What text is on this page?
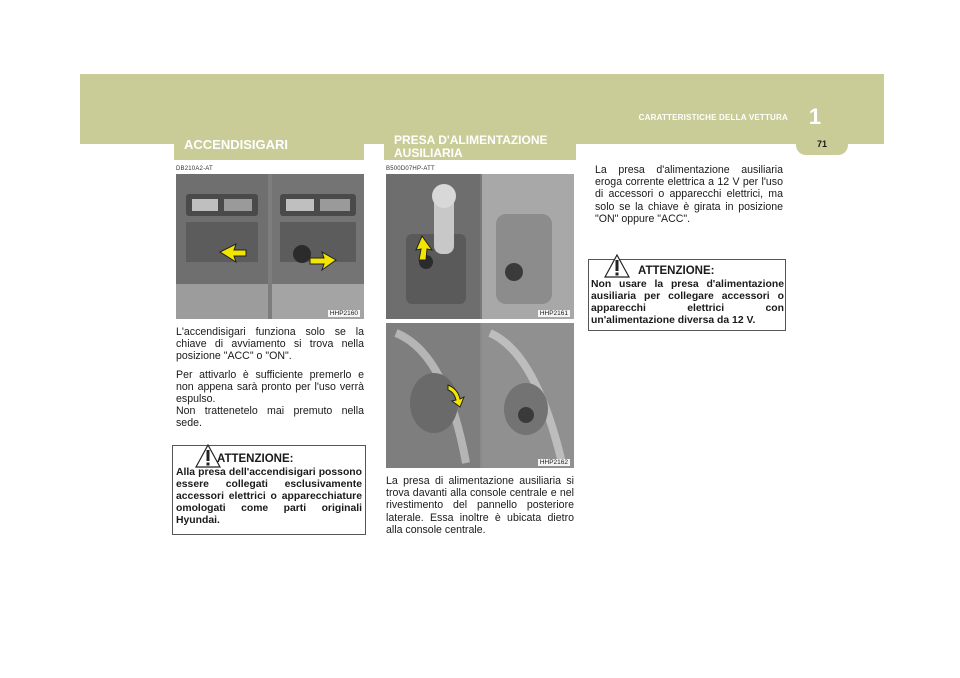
1
CARATTERISTICHE DELLA VETTURA
71
ACCENDISIGARI
DB210A2-AT
HHP2160

L'accendisigari funziona solo se la chiave di avviamento si trova nella posizione "ACC" o "ON".

Per attivarlo è sufficiente premerlo e non appena sarà pronto per l'uso verrà espulso.

Non trattenetelo mai premuto nella sede.

ATTENZIONE:
Alla presa dell'accendisigari possono essere collegati esclusivamente accessori elettrici o apparecchiature omologati come parti originali Hyundai.
PRESA D'ALIMENTAZIONE
AUSILIARIA
B500D07HP-ATT
HHP2161
HHP2162
La presa di alimentazione ausiliaria si trova davanti alla console centrale e nel rivestimento del pannello posteriore laterale. Essa inoltre è ubicata dietro alla console centrale.
La presa d'alimentazione ausiliaria eroga corrente elettrica a 12 V per l'uso di accessori o apparecchi elettrici, ma solo se la chiave è girata in posizione "ON" oppure "ACC".
ATTENZIONE:
Non usare la presa d'alimentazione ausiliaria per collegare accessori o apparecchi elettrici con un'alimentazione diversa da 12 V.
